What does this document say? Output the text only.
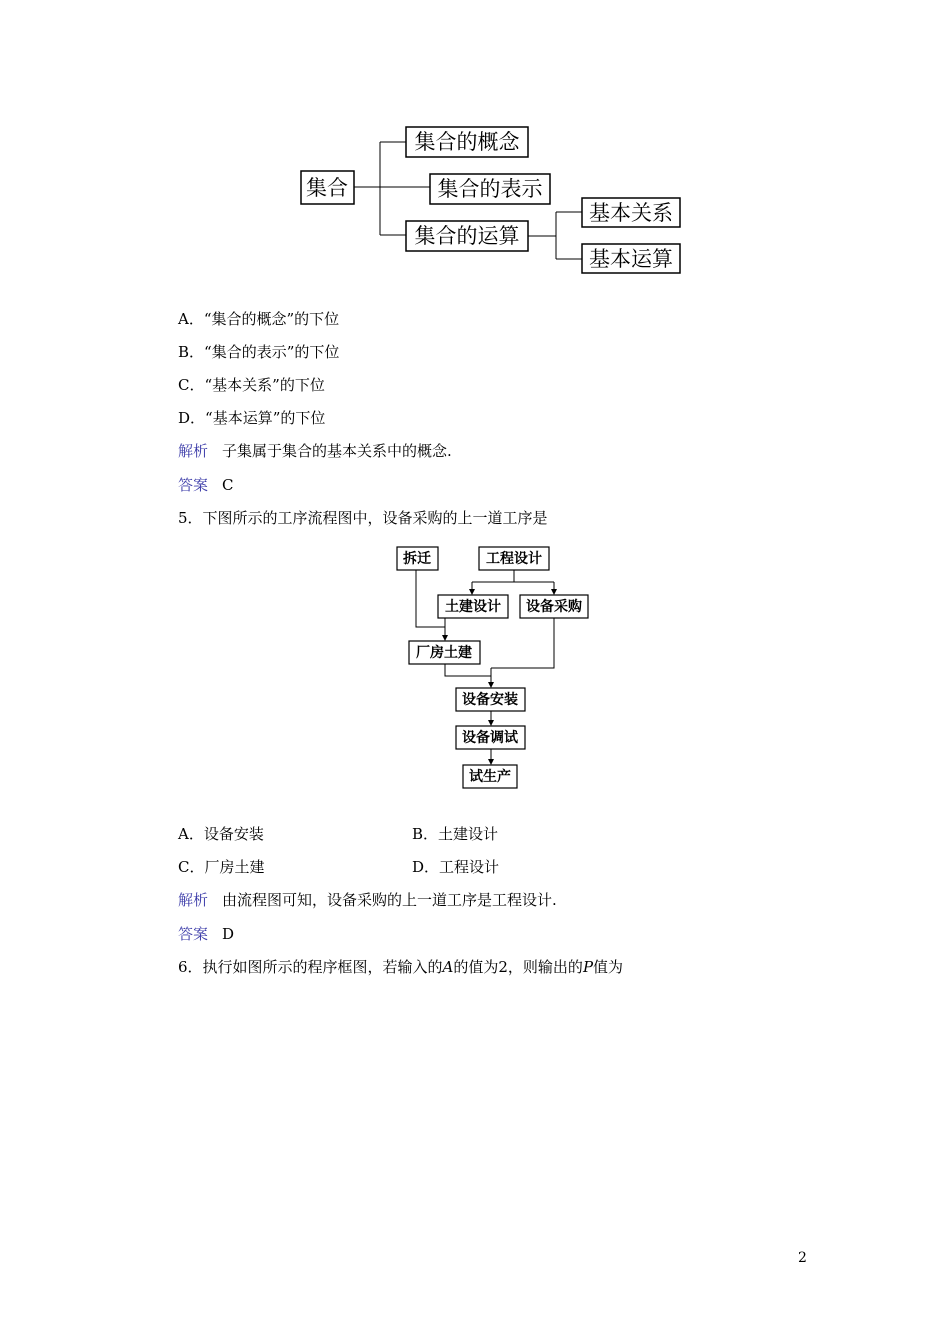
集合
集合的概念
集合的表示
集合的运算
基本关系
基本运算
A．“集合的概念”的下位
B．“集合的表示”的下位
C．“基本关系”的下位
D．“基本运算”的下位
解析 子集属于集合的基本关系中的概念.
答案 C
5．下图所示的工序流程图中，设备采购的上一道工序是
拆迁	工程设计
土建设计 设备采购
厂房土建
设备安装
设备调试
试生产
A．设备安装	B．土建设计
C．厂房土建	D．工程设计
解析 由流程图可知，设备采购的上一道工序是工程设计.
答案 D
6．执行如图所示的程序框图，若输入的A的值为2，则输出的P值为
2
